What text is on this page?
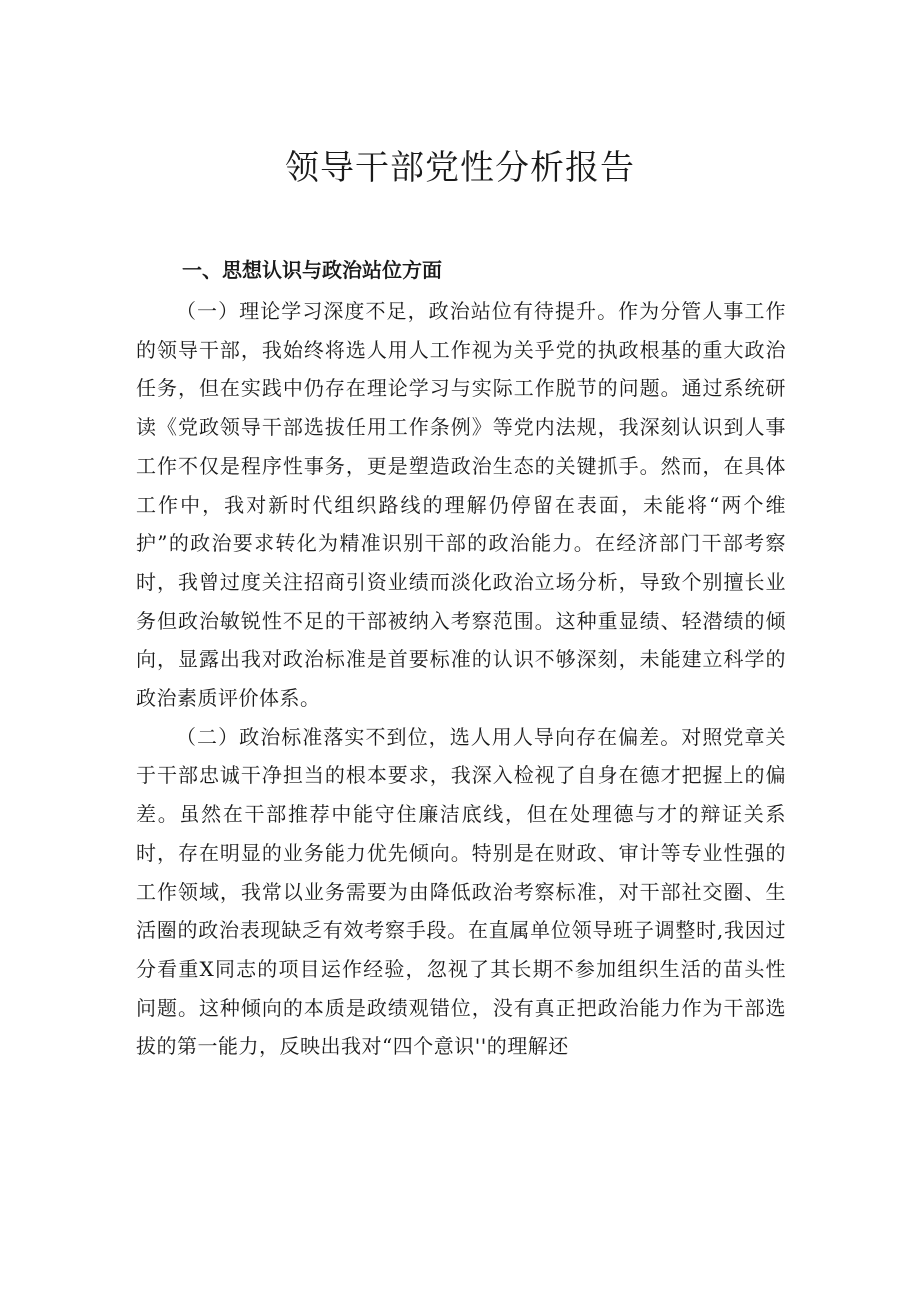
领导干部党性分析报告
一、思想认识与政治站位方面

（一）理论学习深度不足，政治站位有待提升。作为分管人事工作的领导干部，我始终将选人用人工作视为关乎党的执政根基的重大政治任务，但在实践中仍存在理论学习与实际工作脱节的问题。通过系统研读《党政领导干部选拔任用工作条例》等党内法规，我深刻认识到人事工作不仅是程序性事务，更是塑造政治生态的关键抓手。然而，在具体工作中，我对新时代组织路线的理解仍停留在表面，未能将“两个维护”的政治要求转化为精准识别干部的政治能力。在经济部门干部考察时，我曾过度关注招商引资业绩而淡化政治立场分析，导致个别擅长业务但政治敏锐性不足的干部被纳入考察范围。这种重显绩、轻潜绩的倾向，显露出我对政治标准是首要标准的认识不够深刻，未能建立科学的政治素质评价体系。

（二）政治标准落实不到位，选人用人导向存在偏差。对照党章关于干部忠诚干净担当的根本要求，我深入检视了自身在德才把握上的偏差。虽然在干部推荐中能守住廉洁底线，但在处理德与才的辩证关系时，存在明显的业务能力优先倾向。特别是在财政、审计等专业性强的工作领域，我常以业务需要为由降低政治考察标准，对干部社交圈、生活圈的政治表现缺乏有效考察手段。在直属单位领导班子调整时,我因过分看重X同志的项目运作经验，忽视了其长期不参加组织生活的苗头性问题。这种倾向的本质是政绩观错位，没有真正把政治能力作为干部选拔的第一能力，反映出我对“四个意识''的理解还
